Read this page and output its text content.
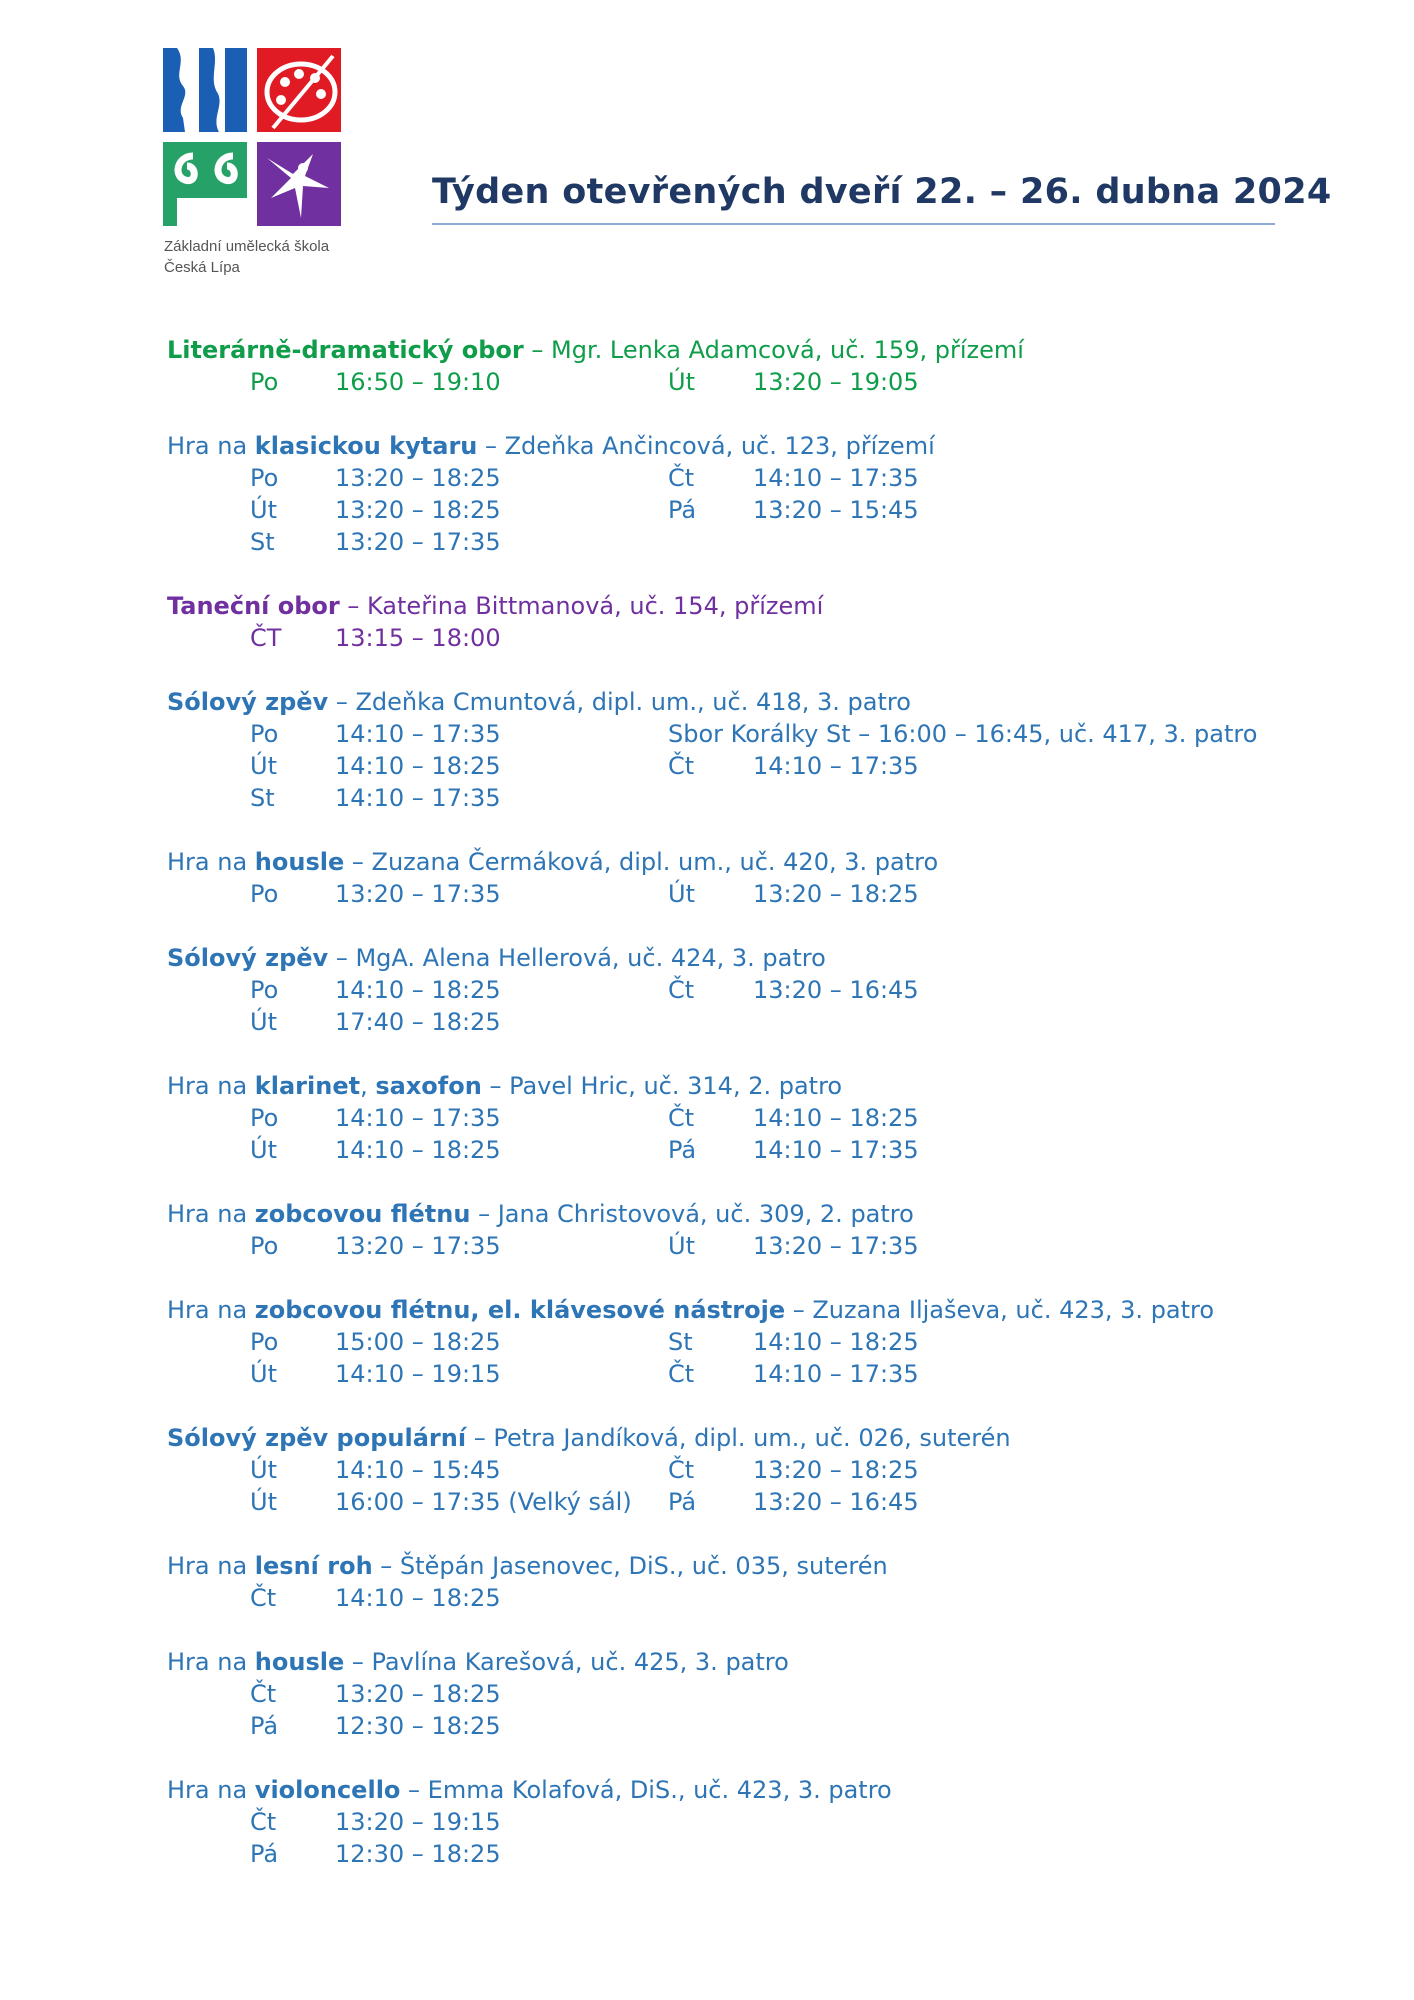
Základní umělecká škola
Česká Lípa
Týden otevřených dveří 22. – 26. dubna 2024
Literárně-dramatický obor – Mgr. Lenka Adamcová, uč. 159, přízemí
Po 16:50 – 19:10	Út 13:20 – 19:05
Hra na klasickou kytaru – Zdeňka Ančincová, uč. 123, přízemí
Po 13:20 – 18:25	Čt 14:10 – 17:35
Út 13:20 – 18:25	Pá 13:20 – 15:45
St	13:20 – 17:35
Taneční obor – Kateřina Bittmanová, uč. 154, přízemí
ČT 13:15 – 18:00
Sólový zpěv – Zdeňka Cmuntová, dipl. um., uč. 418, 3. patro
Po 14:10 – 17:35	Sbor Korálky St – 16:00 – 16:45, uč. 417, 3. patro
Út 14:10 – 18:25	Čt 14:10 – 17:35
St	14:10 – 17:35
Hra na housle – Zuzana Čermáková, dipl. um., uč. 420, 3. patro
Po 13:20 – 17:35	Út 13:20 – 18:25
Sólový zpěv – MgA. Alena Hellerová, uč. 424, 3. patro
Po 14:10 – 18:25	Čt 13:20 – 16:45
Út 17:40 – 18:25
Hra na klarinet, saxofon – Pavel Hric, uč. 314, 2. patro
Po 14:10 – 17:35	Čt 14:10 – 18:25
Út 14:10 – 18:25	Pá 14:10 – 17:35
Hra na zobcovou flétnu – Jana Christovová, uč. 309, 2. patro
Po 13:20 – 17:35	Út 13:20 – 17:35
Hra na zobcovou flétnu, el. klávesové nástroje – Zuzana Iljaševa, uč. 423, 3. patro
Po 15:00 – 18:25	St	14:10 – 18:25
Út 14:10 – 19:15	Čt 14:10 – 17:35
Sólový zpěv populární – Petra Jandíková, dipl. um., uč. 026, suterén
Út 14:10 – 15:45	Čt 13:20 – 18:25
Út 16:00 – 17:35 (Velký sál) Pá 13:20 – 16:45
Hra na lesní roh – Štěpán Jasenovec, DiS., uč. 035, suterén
Čt 14:10 – 18:25
Hra na housle – Pavlína Karešová, uč. 425, 3. patro
Čt 13:20 – 18:25
Pá 12:30 – 18:25
Hra na violoncello – Emma Kolafová, DiS., uč. 423, 3. patro
Čt 13:20 – 19:15
Pá 12:30 – 18:25
